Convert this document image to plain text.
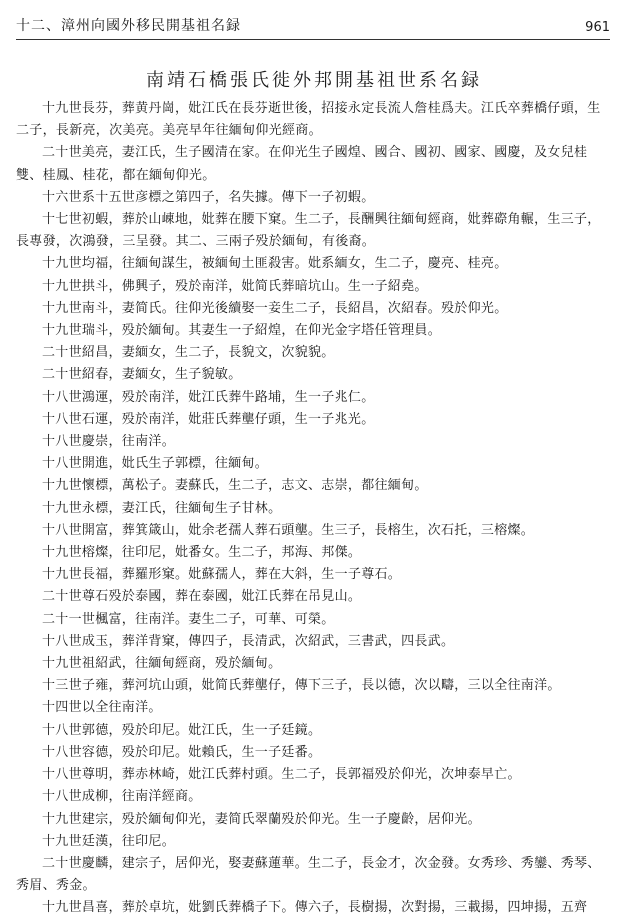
十二、漳州向國外移民開基祖名録	961
南靖石橋張氏徙外邦開基祖世系名録

十九世長芬，葬黄丹崗，妣江氏在長芬逝世後，招接永定長流人詹桂爲夫。江氏卒葬橋仔頭，生二子，長新亮，次美亮。美亮早年往緬甸仰光經商。

二十世美亮，妻江氏，生子國清在家。在仰光生子國煌、國合、國初、國家、國慶，及女兒桂雙、桂鳳、桂花，都在緬甸仰光。

十六世系十五世彦標之第四子，名失據。傳下一子初蝦。

十七世初蝦，葬於山崠地，妣葬在腰下窠。生二子，長酬興往緬甸經商，妣葬磜角輾，生三子，長專發，次鴻發，三呈發。其二、三兩子殁於緬甸，有後裔。

十九世均福，往緬甸謀生，被緬甸土匪殺害。妣系緬女，生二子，慶亮、桂亮。

十九世拱斗，佛興子，殁於南洋，妣简氏葬暗坑山。生一子紹堯。

十九世南斗，妻简氏。往仰光後續娶一妾生二子，長紹昌，次紹春。殁於仰光。

十九世瑞斗，殁於緬甸。其妻生一子紹煌，在仰光金字塔任管理員。

二十世紹昌，妻緬女，生二子，長貌文，次貌貌。

二十世紹春，妻緬女，生子貌敏。

十八世鴻運，殁於南洋，妣江氏葬牛路埔，生一子兆仁。

十八世石運，殁於南洋，妣莊氏葬壟仔頭，生一子兆光。

十八世慶崇，往南洋。

十八世開進，妣氏生子郭標，往緬甸。

十九世懷標，萬松子。妻蘇氏，生二子，志文、志崇，都往緬甸。

十九世永標，妻江氏，往緬甸生子甘林。

十八世開富，葬箕箴山，妣余老孺人葬石頭壟。生三子，長榕生，次石托，三榕燦。

十九世榕燦，往印尼，妣番女。生二子，邦海、邦傑。

十九世長福，葬羅形窠。妣蘇孺人，葬在大斜，生一子尊石。

二十世尊石殁於泰國，葬在泰國，妣江氏葬在吊見山。

二十一世楓富，往南洋。妻生二子，可華、可榮。

十八世成玉，葬洋背窠，傳四子，長清武，次紹武，三書武，四長武。

十九世祖紹武，往緬甸經商，殁於緬甸。

十三世子雍，葬河坑山頭，妣简氏葬壟仔，傳下三子，長以德，次以疇，三以全往南洋。

十四世以全往南洋。

十八世郭德，殁於印尼。妣江氏，生一子廷鏡。

十八世容德，殁於印尼。妣賴氏，生一子廷番。

十八世尊明，葬赤林崎，妣江氏葬村頭。生二子，長郭福殁於仰光，次坤泰早亡。

十八世成柳，往南洋經商。

十九世建宗，殁於緬甸仰光，妻简氏翠蘭殁於仰光。生一子慶齡，居仰光。

十九世廷漢，往印尼。

二十世慶麟，建宗子，居仰光，娶妻蘇蓮華。生二子，長金才，次金發。女秀珍、秀鑾、秀琴、秀眉、秀金。

十九世昌喜，葬於卓坑，妣劉氏葬橋子下。傳六子，長樹揚，次對揚，三載揚，四坤揚，五齊
